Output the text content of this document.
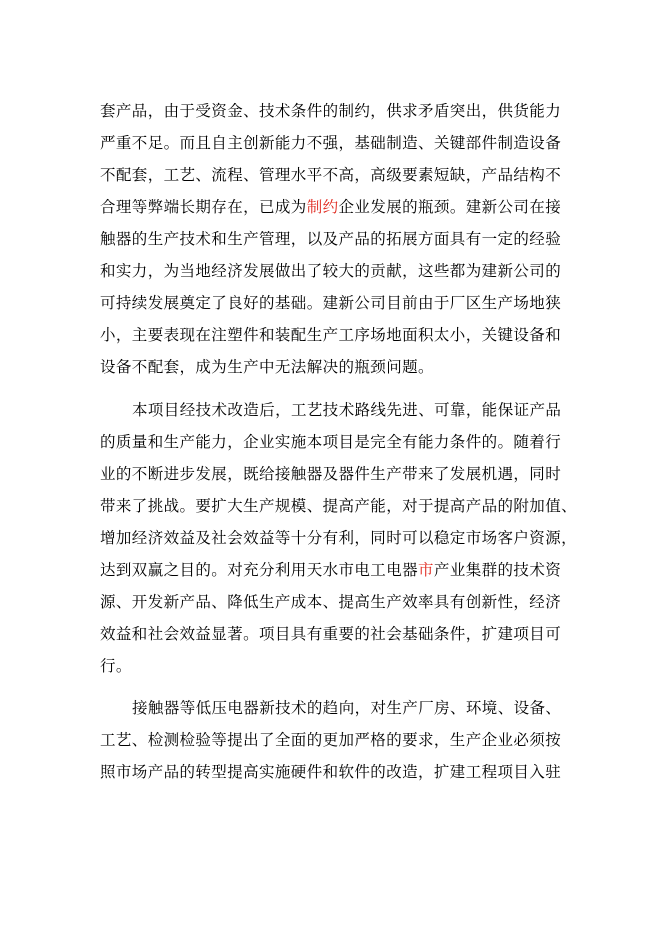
套产品，由于受资金、技术条件的制约，供求矛盾突出，供货能力
严重不足。而且自主创新能力不强，基础制造、关键部件制造设备
不配套，工艺、流程、管理水平不高，高级要素短缺，产品结构不
合理等弊端长期存在，已成为制约企业发展的瓶颈。建新公司在接
触器的生产技术和生产管理，以及产品的拓展方面具有一定的经验
和实力，为当地经济发展做出了较大的贡献，这些都为建新公司的
可持续发展奠定了良好的基础。建新公司目前由于厂区生产场地狭
小，主要表现在注塑件和装配生产工序场地面积太小，关键设备和
设备不配套，成为生产中无法解决的瓶颈问题。
本项目经技术改造后，工艺技术路线先进、可靠，能保证产品
的质量和生产能力，企业实施本项目是完全有能力条件的。随着行
业的不断进步发展，既给接触器及器件生产带来了发展机遇，同时
带来了挑战。要扩大生产规模、提高产能，对于提高产品的附加值、
增加经济效益及社会效益等十分有利，同时可以稳定市场客户资源，
达到双赢之目的。对充分利用天水市电工电器市产业集群的技术资
源、开发新产品、降低生产成本、提高生产效率具有创新性，经济
效益和社会效益显著。项目具有重要的社会基础条件，扩建项目可
行。
接触器等低压电器新技术的趋向，对生产厂房、环境、设备、
工艺、检测检验等提出了全面的更加严格的要求，生产企业必须按
照市场产品的转型提高实施硬件和软件的改造，扩建工程项目入驻
